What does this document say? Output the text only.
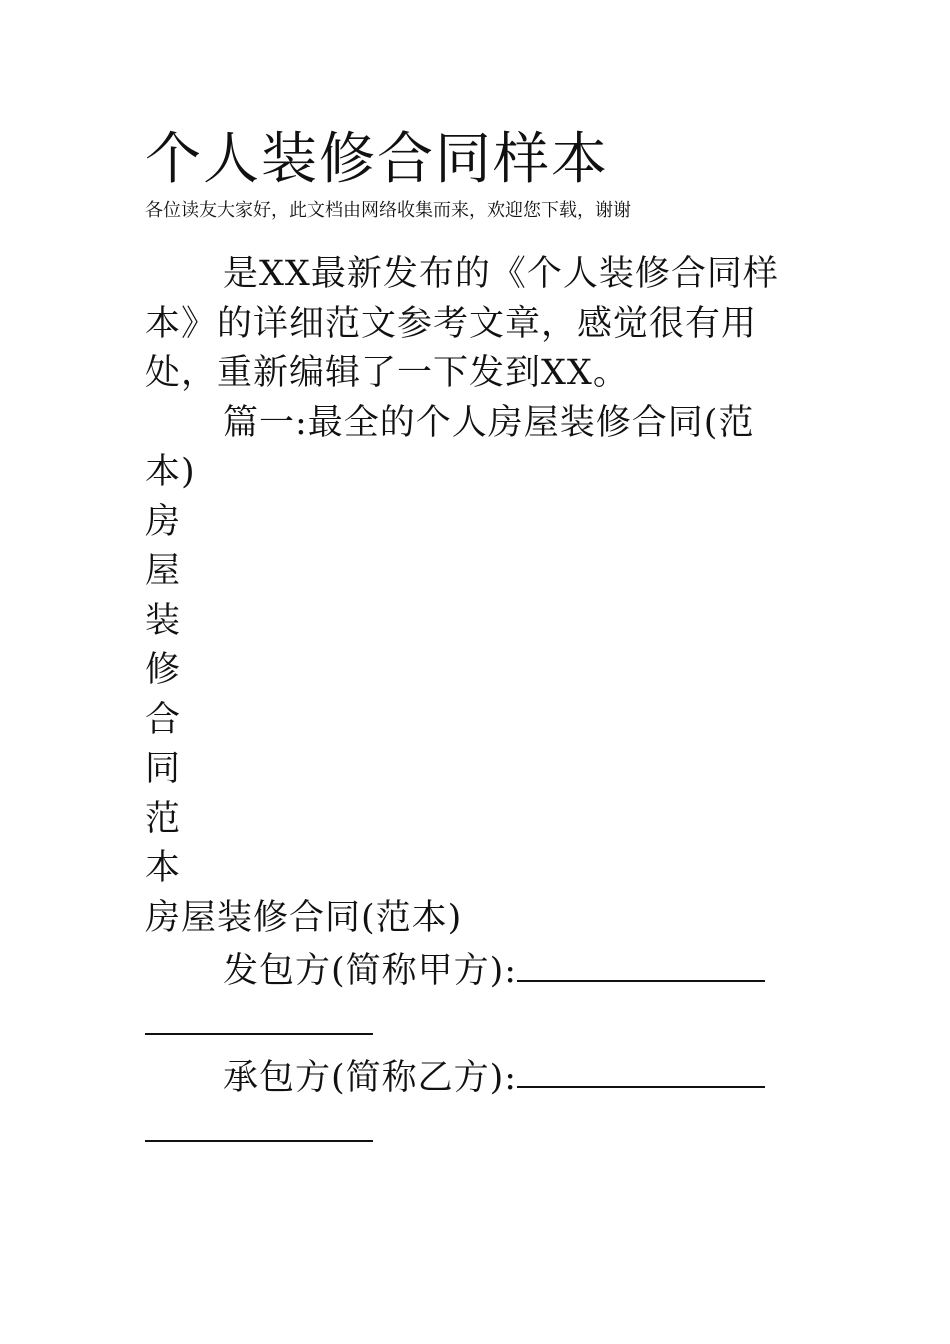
个人装修合同样本
各位读友大家好，此文档由网络收集而来，欢迎您下载，谢谢

是XX最新发布的《个人装修合同样本》的详细范文参考文章，感觉很有用处，重新编辑了一下发到XX。

篇一:最全的个人房屋装修合同(范本)

房

屋

装

修

合

同

范

本

房屋装修合同(范本)

发包方(简称甲方):

承包方(简称乙方):
